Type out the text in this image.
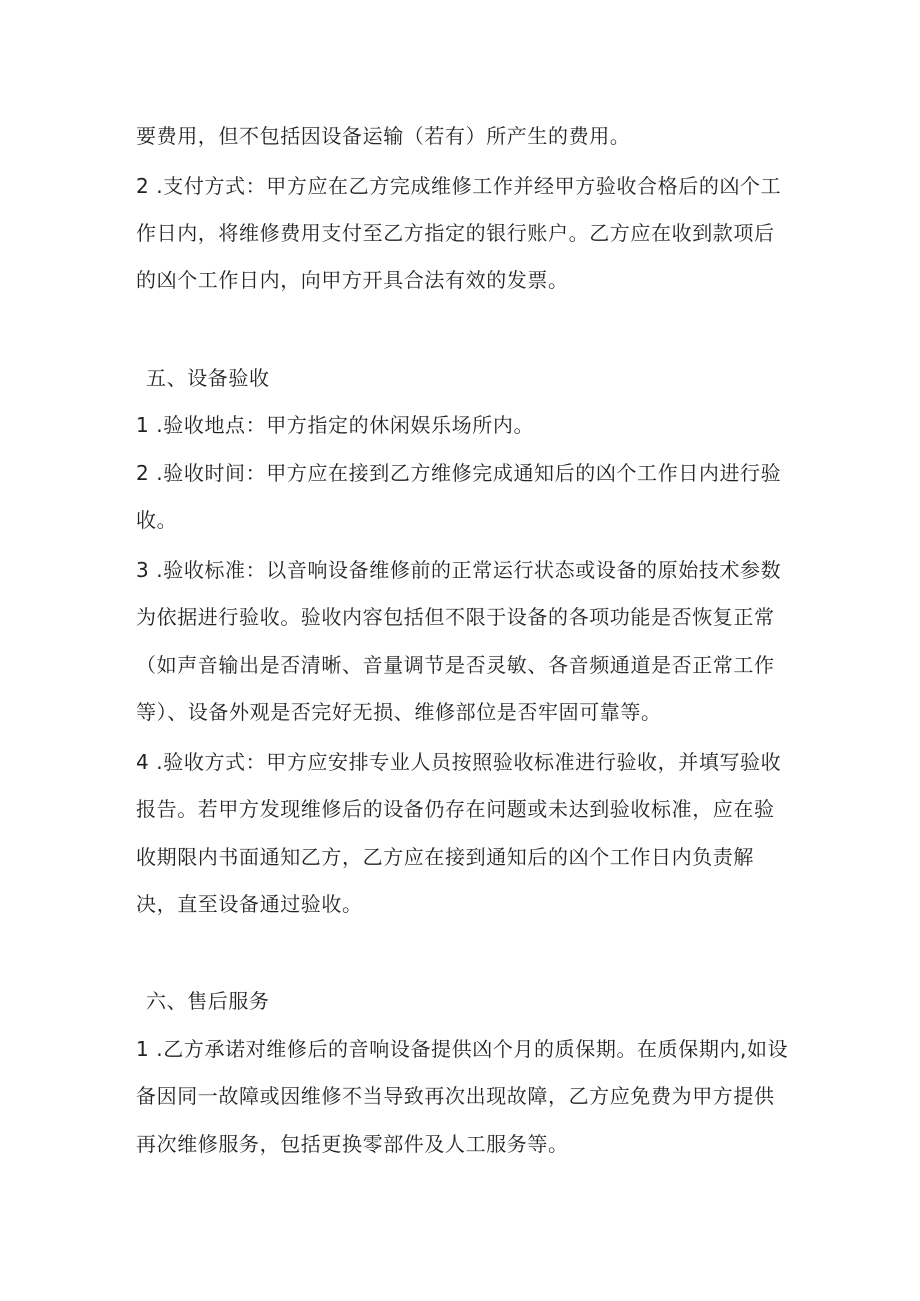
要费用，但不包括因设备运输（若有）所产生的费用。
2 .支付方式：甲方应在乙方完成维修工作并经甲方验收合格后的凶个工
作日内，将维修费用支付至乙方指定的银行账户。乙方应在收到款项后
的凶个工作日内，向甲方开具合法有效的发票。
五、设备验收
1 .验收地点：甲方指定的休闲娱乐场所内。
2 .验收时间：甲方应在接到乙方维修完成通知后的凶个工作日内进行验
收。
3 .验收标准：以音响设备维修前的正常运行状态或设备的原始技术参数
为依据进行验收。验收内容包括但不限于设备的各项功能是否恢复正常
（如声音输出是否清晰、音量调节是否灵敏、各音频通道是否正常工作
等）、设备外观是否完好无损、维修部位是否牢固可靠等。
4 .验收方式：甲方应安排专业人员按照验收标准进行验收，并填写验收
报告。若甲方发现维修后的设备仍存在问题或未达到验收标准，应在验
收期限内书面通知乙方，乙方应在接到通知后的凶个工作日内负责解
决，直至设备通过验收。
六、售后服务
1 .乙方承诺对维修后的音响设备提供凶个月的质保期。在质保期内,如设
备因同一故障或因维修不当导致再次出现故障，乙方应免费为甲方提供
再次维修服务，包括更换零部件及人工服务等。
